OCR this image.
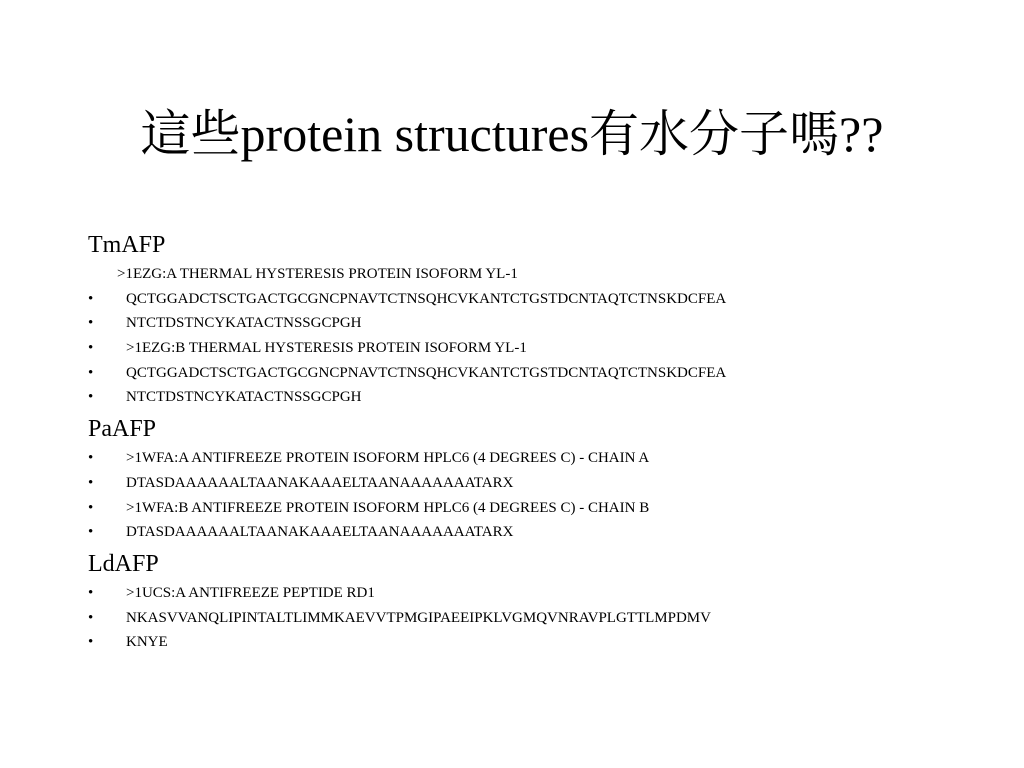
這些protein structures有水分子嗎??
TmAFP
>1EZG:A THERMAL HYSTERESIS PROTEIN ISOFORM YL-1
•	QCTGGADCTSCTGACTGCGNCPNAVTCTNSQHCVKANTCTGSTDCNTAQTCTNSKDCFEA
•	NTCTDSTNCYKATACTNSSGCPGH
•	>1EZG:B THERMAL HYSTERESIS PROTEIN ISOFORM YL-1
•	QCTGGADCTSCTGACTGCGNCPNAVTCTNSQHCVKANTCTGSTDCNTAQTCTNSKDCFEA
•	NTCTDSTNCYKATACTNSSGCPGH
PaAFP
•	>1WFA:A ANTIFREEZE PROTEIN ISOFORM HPLC6 (4 DEGREES C) - CHAIN A
•	DTASDAAAAAALTAANAKAAAELTAANAAAAAAATARX
•	>1WFA:B ANTIFREEZE PROTEIN ISOFORM HPLC6 (4 DEGREES C) - CHAIN B
•	DTASDAAAAAALTAANAKAAAELTAANAAAAAAATARX
LdAFP
•	>1UCS:A ANTIFREEZE PEPTIDE RD1
•	NKASVVANQLIPINTALTLIMMKAEVVTPMGIPAEEIPKLVGMQVNRAVPLGTTLMPDMV
•	KNYE
